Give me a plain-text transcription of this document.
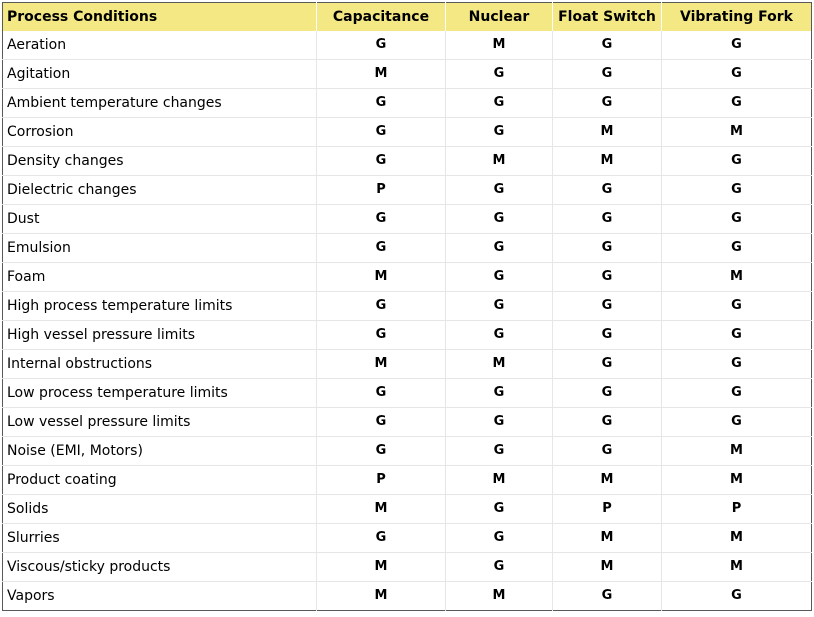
Process Conditions	Capacitance	Nuclear	Float Switch	Vibrating Fork
Aeration	G	M	G	G
Agitation	M	G	G	G
Ambient temperature changes	G	G	G	G
Corrosion	G	G	M	M
Density changes	G	M	M	G
Dielectric changes	P	G	G	G
Dust	G	G	G	G
Emulsion	G	G	G	G
Foam	M	G	G	M
High process temperature limits	G	G	G	G
High vessel pressure limits	G	G	G	G
Internal obstructions	M	M	G	G
Low process temperature limits	G	G	G	G
Low vessel pressure limits	G	G	G	G
Noise (EMI, Motors)	G	G	G	M
Product coating	P	M	M	M
Solids	M	G	P	P
Slurries	G	G	M	M
Viscous/sticky products	M	G	M	M
Vapors	M	M	G	G
